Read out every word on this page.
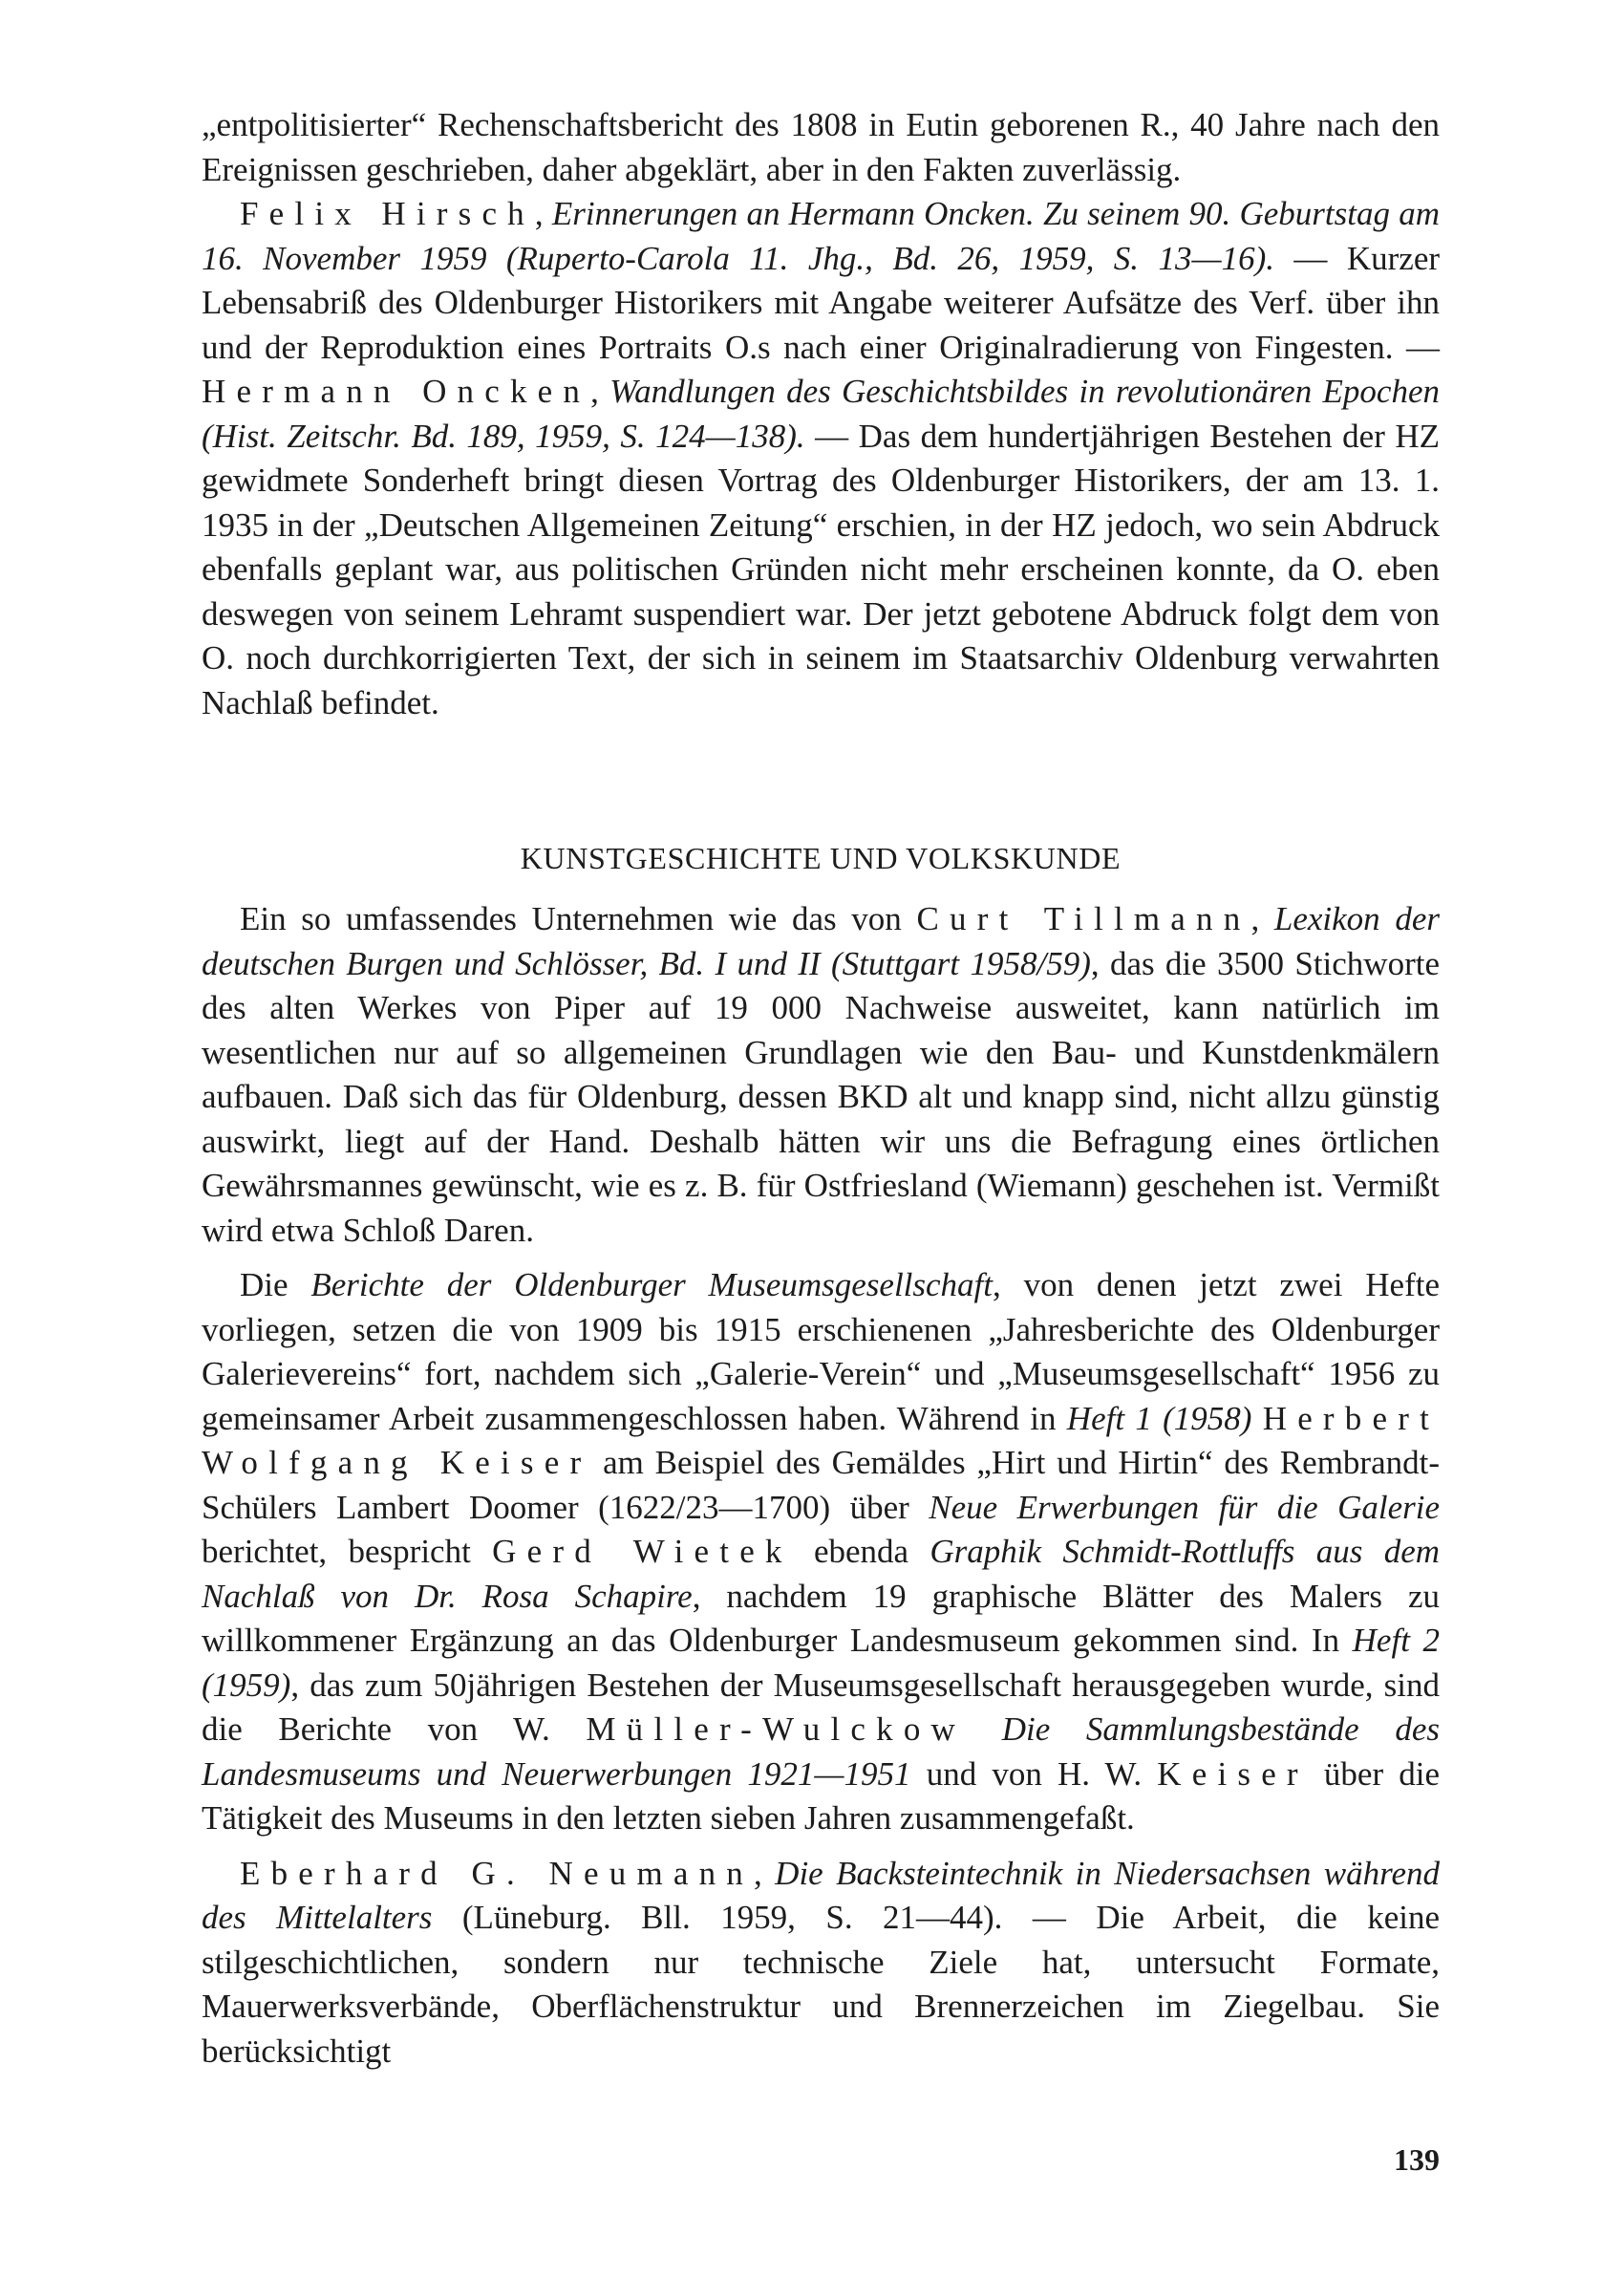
„entpolitisierter“ Rechenschaftsbericht des 1808 in Eutin geborenen R., 40 Jahre nach den Ereignissen geschrieben, daher abgeklärt, aber in den Fakten zuverlässig.

Felix Hirsch, Erinnerungen an Hermann Oncken. Zu seinem 90. Geburtstag am 16. November 1959 (Ruperto-Carola 11. Jhg., Bd. 26, 1959, S. 13—16). — Kurzer Lebensabriß des Oldenburger Historikers mit Angabe weiterer Aufsätze des Verf. über ihn und der Reproduktion eines Portraits O.s nach einer Originalradierung von Fingesten. — Hermann Oncken, Wandlungen des Geschichtsbildes in revolutionären Epochen (Hist. Zeitschr. Bd. 189, 1959, S. 124—138). — Das dem hundertjährigen Bestehen der HZ gewidmete Sonderheft bringt diesen Vortrag des Oldenburger Historikers, der am 13. 1. 1935 in der „Deutschen Allgemeinen Zeitung“ erschien, in der HZ jedoch, wo sein Abdruck ebenfalls geplant war, aus politischen Gründen nicht mehr erscheinen konnte, da O. eben deswegen von seinem Lehramt suspendiert war. Der jetzt gebotene Abdruck folgt dem von O. noch durchkorrigierten Text, der sich in seinem im Staatsarchiv Oldenburg verwahrten Nachlaß befindet.

KUNSTGESCHICHTE UND VOLKSKUNDE

Ein so umfassendes Unternehmen wie das von Curt Tillmann, Lexikon der deutschen Burgen und Schlösser, Bd. I und II (Stuttgart 1958/59), das die 3500 Stichworte des alten Werkes von Piper auf 19 000 Nachweise ausweitet, kann natürlich im wesentlichen nur auf so allgemeinen Grundlagen wie den Bau- und Kunstdenkmälern aufbauen. Daß sich das für Oldenburg, dessen BKD alt und knapp sind, nicht allzu günstig auswirkt, liegt auf der Hand. Deshalb hätten wir uns die Befragung eines örtlichen Gewährsmannes gewünscht, wie es z. B. für Ostfriesland (Wiemann) geschehen ist. Vermißt wird etwa Schloß Daren.

Die Berichte der Oldenburger Museumsgesellschaft, von denen jetzt zwei Hefte vorliegen, setzen die von 1909 bis 1915 erschienenen „Jahresberichte des Oldenburger Galerievereins“ fort, nachdem sich „Galerie-Verein“ und „Museumsgesellschaft“ 1956 zu gemeinsamer Arbeit zusammengeschlossen haben. Während in Heft 1 (1958) Herbert Wolfgang Keiser am Beispiel des Gemäldes „Hirt und Hirtin“ des Rembrandt-Schülers Lambert Doomer (1622/23—1700) über Neue Erwerbungen für die Galerie berichtet, bespricht Gerd Wietek ebenda Graphik Schmidt-Rottluffs aus dem Nachlaß von Dr. Rosa Schapire, nachdem 19 graphische Blätter des Malers zu willkommener Ergänzung an das Oldenburger Landesmuseum gekommen sind. In Heft 2 (1959), das zum 50jährigen Bestehen der Museumsgesellschaft herausgegeben wurde, sind die Berichte von W. Müller-Wulckow Die Sammlungsbestände des Landesmuseums und Neuerwerbungen 1921—1951 und von H. W. Keiser über die Tätigkeit des Museums in den letzten sieben Jahren zusammengefaßt.

Eberhard G. Neumann, Die Backsteintechnik in Niedersachsen während des Mittelalters (Lüneburg. Bll. 1959, S. 21—44). — Die Arbeit, die keine stilgeschichtlichen, sondern nur technische Ziele hat, untersucht Formate, Mauerwerksverbände, Oberflächenstruktur und Brennerzeichen im Ziegelbau. Sie berücksichtigt

139
